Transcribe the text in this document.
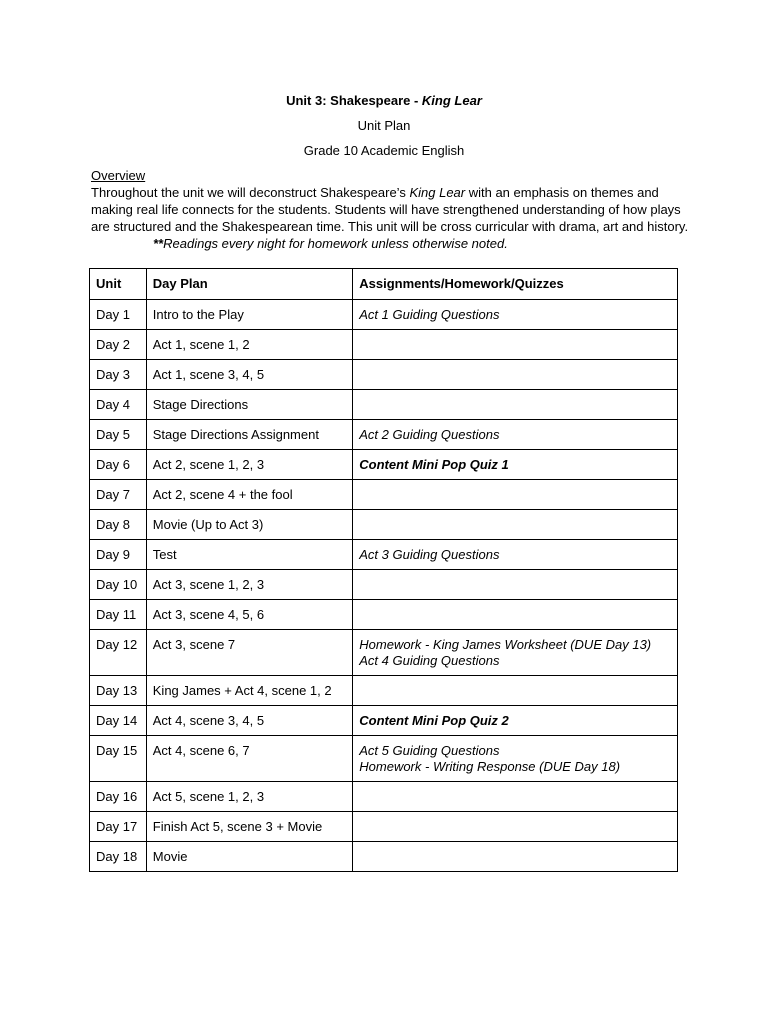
Unit 3: Shakespeare - King Lear
Unit Plan
Grade 10 Academic English
Overview
Throughout the unit we will deconstruct Shakespeare’s King Lear with an emphasis on themes and making real life connects for the students. Students will have strengthened understanding of how plays are structured and the Shakespearean time. This unit will be cross curricular with drama, art and history.**Readings every night for homework unless otherwise noted.
Unit	Day Plan	Assignments/Homework/Quizzes
Day 1	Intro to the Play	Act 1 Guiding Questions

Day 2	Act 1, scene 1, 2	
Day 3	Act 1, scene 3, 4, 5	
Day 4	Stage Directions	
Day 5	Stage Directions Assignment	Act 2 Guiding Questions

Day 6	Act 2, scene 1, 2, 3	Content Mini Pop Quiz 1

Day 7	Act 2, scene 4 + the fool	
Day 8	Movie (Up to Act 3)	
Day 9	Test	Act 3 Guiding Questions

Day 10	Act 3, scene 1, 2, 3	
Day 11	Act 3, scene 4, 5, 6	
Day 12	Act 3, scene 7	Homework - King James Worksheet (DUE Day 13)
Act 4 Guiding Questions

Day 13	King James + Act 4, scene 1, 2	
Day 14	Act 4, scene 3, 4, 5	Content Mini Pop Quiz 2

Day 15	Act 4, scene 6, 7	Act 5 Guiding Questions
Homework - Writing Response (DUE Day 18)

Day 16	Act 5, scene 1, 2, 3	
Day 17	Finish Act 5, scene 3 + Movie	
Day 18	Movie	
